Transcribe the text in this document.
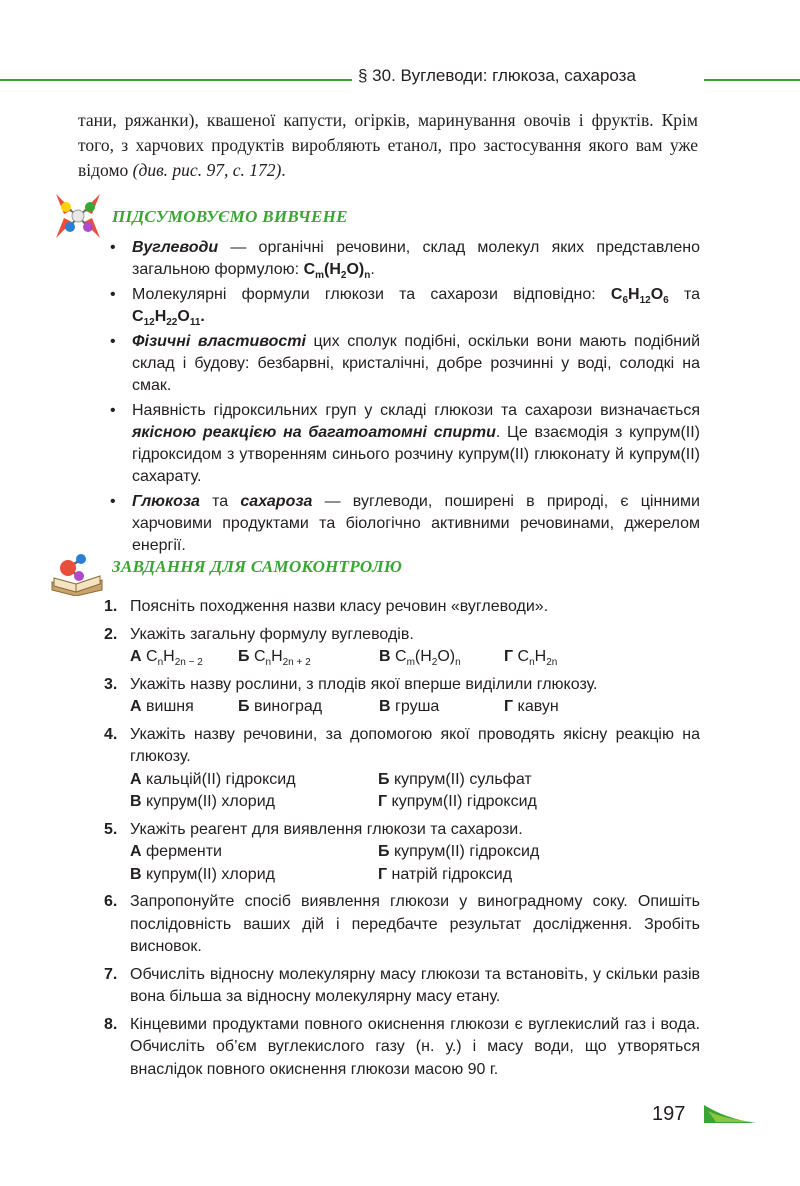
§ 30. Вуглеводи: глюкоза, сахароза
тани, ряжанки), квашеної капусти, огірків, маринування овочів і фруктів. Крім того, з харчових продуктів виробляють етанол, про застосування якого вам уже відомо (див. рис. 97, с. 172).
ПІДСУМОВУЄМО ВИВЧЕНЕ
• Вуглеводи — органічні речовини, склад молекул яких представлено загальною формулою: $C_m(H_2O)_n$.
• Молекулярні формули глюкози та сахарози відповідно: $C_6H_{12}O_6$ та $C_{12}H_{22}O_{11}$.
• Фізичні властивості цих сполук подібні, оскільки вони мають подібний склад і будову: безбарвні, кристалічні, добре розчинні у воді, солодкі на смак.
• Наявність гідроксильних груп у складі глюкози та сахарози визначається якісною реакцією на багатоатомні спирти. Це взаємодія з купрум(ІІ) гідроксидом з утворенням синього розчину купрум(ІІ) глюконату й купрум(ІІ) сахарату.
• Глюкоза та сахароза — вуглеводи, поширені в природі, є цінними харчовими продуктами та біологічно активними речовинами, джерелом енергії.
ЗАВДАННЯ ДЛЯ САМОКОНТРОЛЮ
1. Поясніть походження назви класу речовин «вуглеводи».
2. Укажіть загальну формулу вуглеводів.
А $C_nH_{2n - 2}$	Б $C_nH_{2n + 2}$	В $C_m(H_2O)_n$	Г $C_nH_{2n}$
3. Укажіть назву рослини, з плодів якої вперше виділили глюкозу.
А вишня	Б виноград	В груша	Г кавун
4. Укажіть назву речовини, за допомогою якої проводять якісну реакцію на глюкозу.
А кальцій(ІІ) гідроксид	Б купрум(ІІ) сульфат
В купрум(ІІ) хлорид	Г купрум(ІІ) гідроксид
5. Укажіть реагент для виявлення глюкози та сахарози.
А ферменти	Б купрум(ІІ) гідроксид
В купрум(ІІ) хлорид	Г натрій гідроксид
6. Запропонуйте спосіб виявлення глюкози у виноградному соку. Опишіть послідовність ваших дій і передбачте результат дослідження. Зробіть висновок.
7. Обчисліть відносну молекулярну масу глюкози та встановіть, у скільки разів вона більша за відносну молекулярну масу етану.
8. Кінцевими продуктами повного окиснення глюкози є вуглекислий газ і вода. Обчисліть об’єм вуглекислого газу (н. у.) і масу води, що утворяться внаслідок повного окиснення глюкози масою 90 г.
197
